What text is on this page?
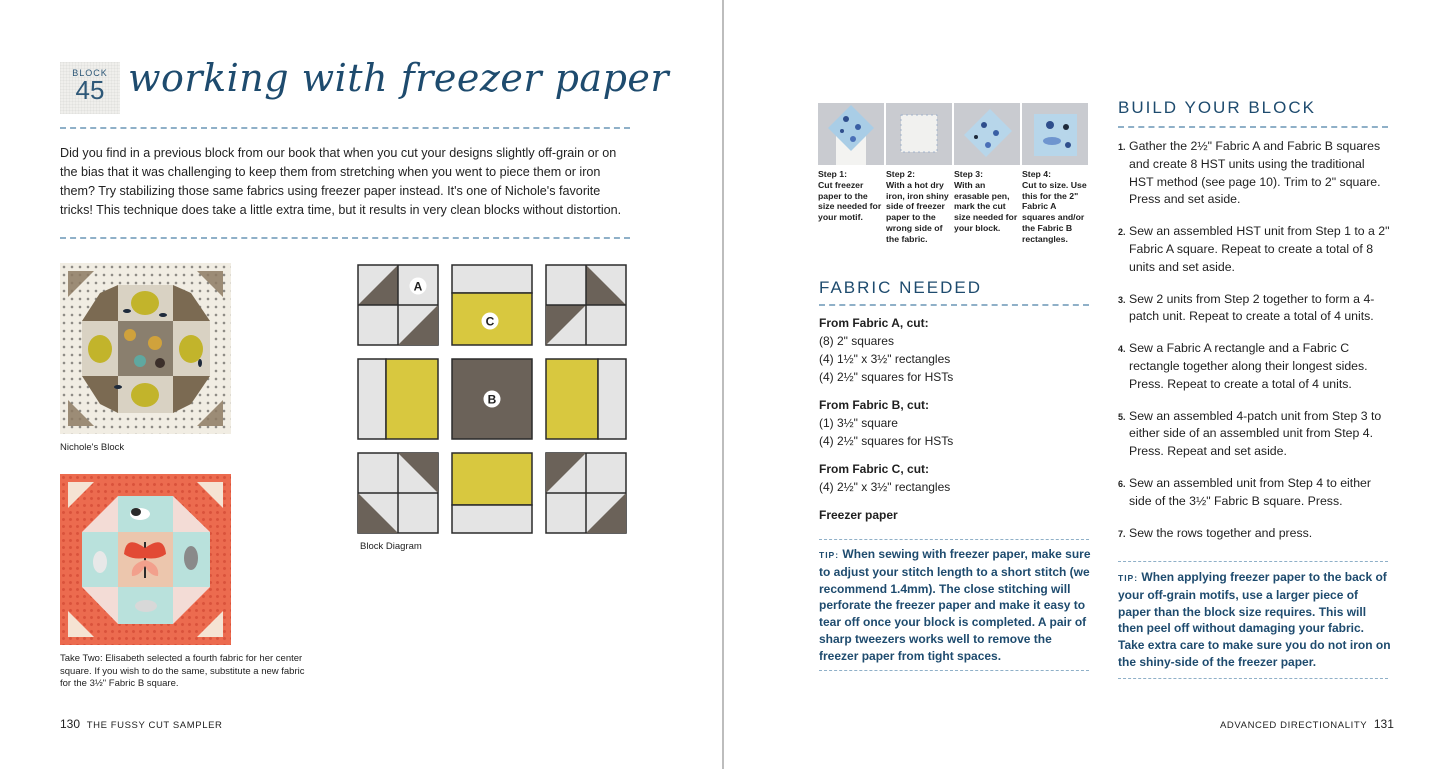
BLOCK
45 working with freezer paper
Did you find in a previous block from our book that when you cut your designs slightly off-grain or on the bias that it was challenging to keep them from stretching when you went to piece them or iron them? Try stabilizing those same fabrics using freezer paper instead. It's one of Nichole's favorite tricks! This technique does take a little extra time, but it results in very clean blocks without distortion.
Nichole's Block
Take Two: Elisabeth selected a fourth fabric for her center square. If you wish to do the same, substitute a new fabric for the 3½" Fabric B square.
A
B
C
Block Diagram
130 THE FUSSY CUT SAMPLER
Step 1:
Cut freezer paper to the size needed for your motif.
Step 2:
With a hot dry iron, iron shiny side of freezer paper to the wrong side of the fabric.
Step 3:
With an erasable pen, mark the cut size needed for your block.
Step 4:
Cut to size. Use this for the 2" Fabric A squares and/or the Fabric B rectangles.
FABRIC NEEDED
From Fabric A, cut:
(8) 2" squares
(4) 1½" x 3½" rectangles
(4) 2½" squares for HSTs
From Fabric B, cut:
(1) 3½" square
(4) 2½" squares for HSTs
From Fabric C, cut:
(4) 2½" x 3½" rectangles
Freezer paper
TIP: When sewing with freezer paper, make sure to adjust your stitch length to a short stitch (we recommend 1.4mm). The close stitching will perforate the freezer paper and make it easy to tear off once your block is completed. A pair of sharp tweezers works well to remove the freezer paper from tight spaces.
BUILD YOUR BLOCK
1. Gather the 2½" Fabric A and Fabric B squares and create 8 HST units using the traditional HST method (see page 10). Trim to 2" square. Press and set aside.
2. Sew an assembled HST unit from Step 1 to a 2" Fabric A square. Repeat to create a total of 8 units and set aside.
3. Sew 2 units from Step 2 together to form a 4-patch unit. Repeat to create a total of 4 units.
4. Sew a Fabric A rectangle and a Fabric C rectangle together along their longest sides. Press. Repeat to create a total of 4 units.
5. Sew an assembled 4-patch unit from Step 3 to either side of an assembled unit from Step 4. Press. Repeat and set aside.
6. Sew an assembled unit from Step 4 to either side of the 3½" Fabric B square. Press.
7. Sew the rows together and press.
TIP: When applying freezer paper to the back of your off-grain motifs, use a larger piece of paper than the block size requires. This will then peel off without damaging your fabric. Take extra care to make sure you do not iron on the shiny-side of the freezer paper.
ADVANCED DIRECTIONALITY 131
